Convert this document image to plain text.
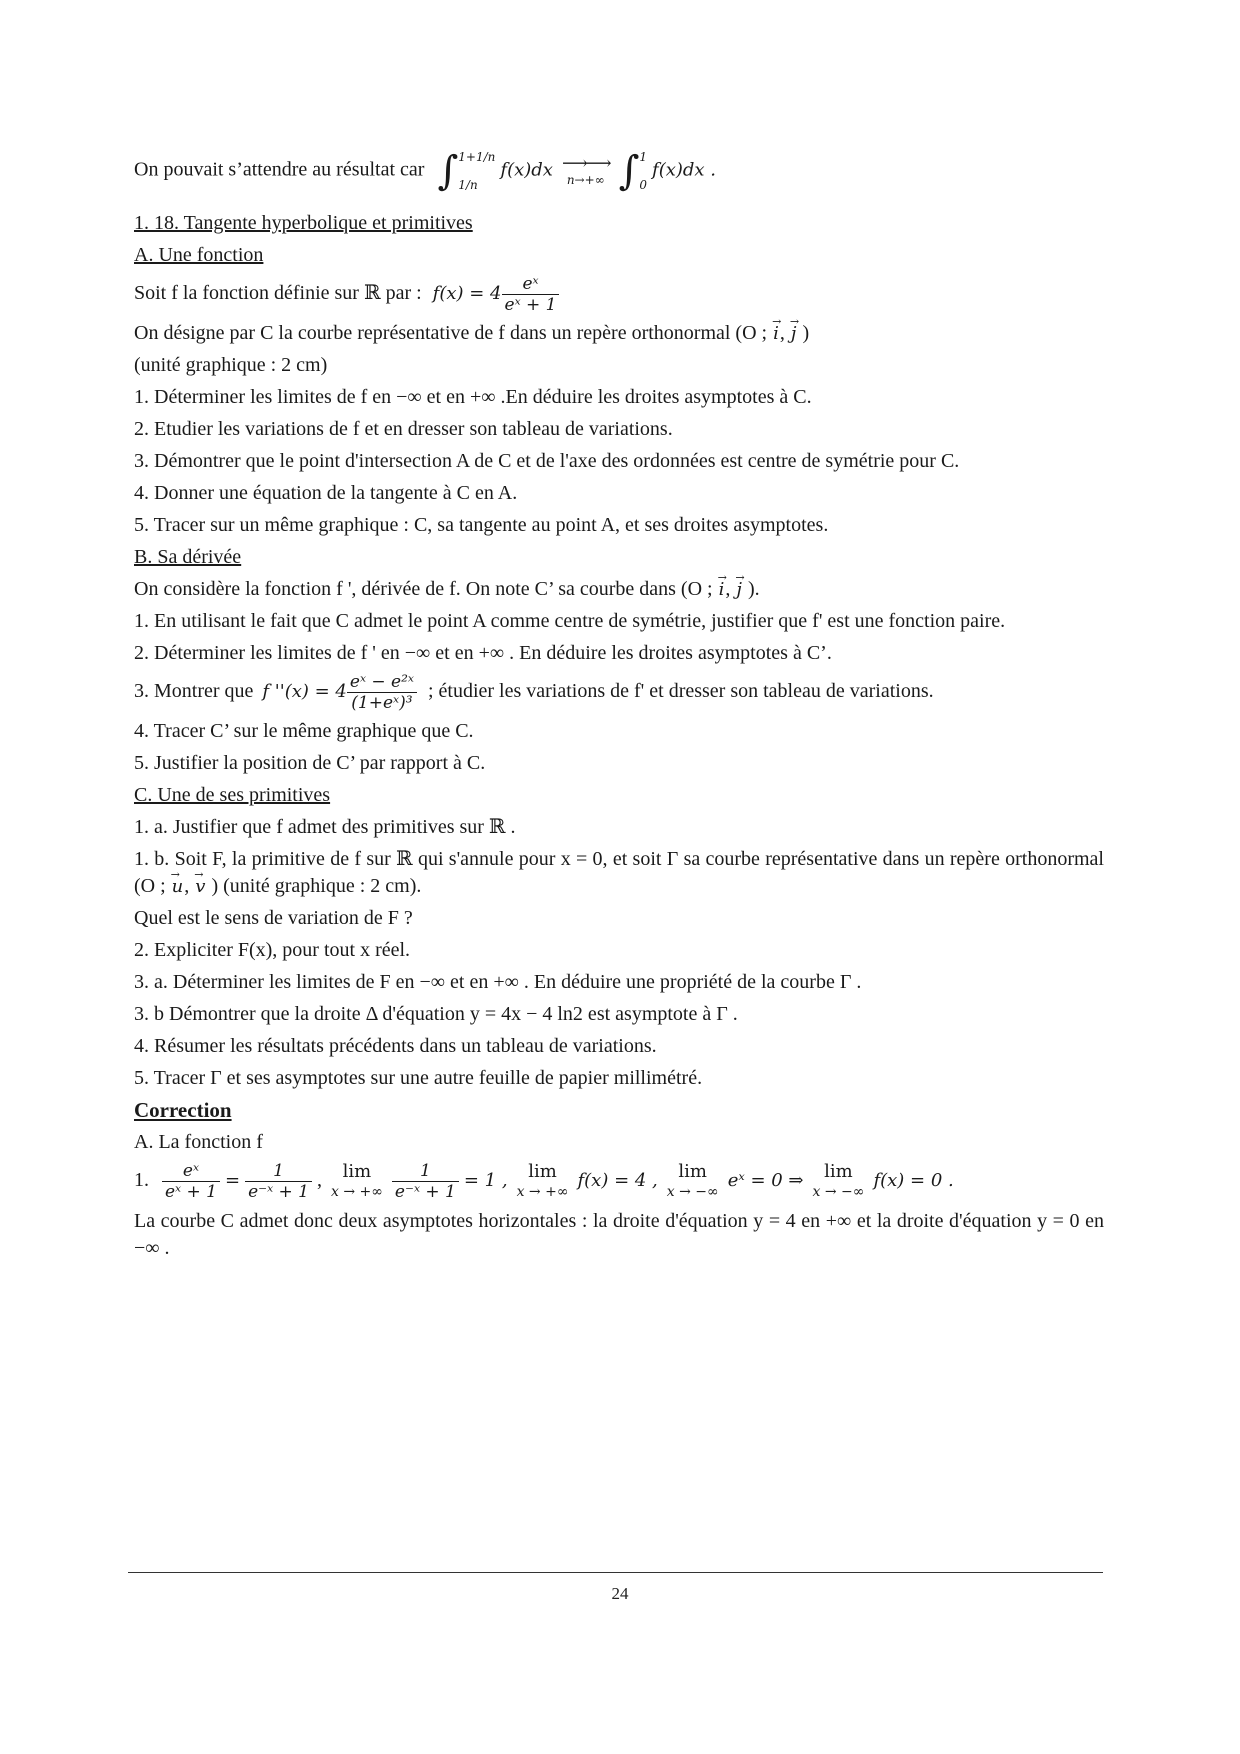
On pouvait s’attendre au résultat car ∫ 1+1/n

1/n
f(x)dx ⟶⟶
n→+∞ ∫ 1

0
f(x)dx .
1. 18. Tangente hyperbolique et primitives
A. Une fonction
Soit f la fonction définie sur ℝ par : $f(x) = 4 \frac{\text{eˣ}}{\text{eˣ + 1}}$
On désigne par C la courbe représentative de f dans un repère orthonormal (O ; → i, → j )
(unité graphique : 2 cm)
1. Déterminer les limites de f en −∞ et en +∞ .En déduire les droites asymptotes à C.
2. Etudier les variations de f et en dresser son tableau de variations.
3. Démontrer que le point d'intersection A de C et de l'axe des ordonnées est centre de symétrie pour C.
4. Donner une équation de la tangente à C en A.
5. Tracer sur un même graphique : C, sa tangente au point A, et ses droites asymptotes.
B. Sa dérivée
On considère la fonction f ', dérivée de f. On note C’ sa courbe dans (O ; → i, → j ).
1. En utilisant le fait que C admet le point A comme centre de symétrie, justifier que f' est une fonction paire.
2. Déterminer les limites de f ' en −∞ et en +∞ . En déduire les droites asymptotes à C’.
3. Montrer que f ''$(x) = 4 \frac{\text{eˣ − e²ˣ}}{\text{(1+eˣ)³}}$ ; étudier les variations de f' et dresser son tableau de variations.
4. Tracer C’ sur le même graphique que C.
5. Justifier la position de C’ par rapport à C.
C. Une de ses primitives
1. a. Justifier que f admet des primitives sur ℝ .
1. b. Soit F, la primitive de f sur ℝ qui s'annule pour x = 0, et soit Γ sa courbe représentative dans un repère orthonormal (O ; → u, → v ) (unité graphique : 2 cm).
Quel est le sens de variation de F ?
2. Expliciter F(x), pour tout x réel.
3. a. Déterminer les limites de F en −∞ et en +∞ . En déduire une propriété de la courbe Γ .
3. b Démontrer que la droite Δ d'équation y = 4x − 4 ln2 est asymptote à Γ .
4. Résumer les résultats précédents dans un tableau de variations.
5. Tracer Γ et ses asymptotes sur une autre feuille de papier millimétré.
Correction
A. La fonction f
1. $\frac{\text{eˣ}}{\text{eˣ + 1}} = \frac{1}{\text{e⁻ˣ + 1}}$ ,	lim
x → +∞
$\frac{1}{\text{e⁻ˣ + 1}} = 1$ ,	lim
x → +∞
f(x) = 4 ,	lim
x → −∞
eˣ = 0 ⇒	lim
x → −∞
f(x) = 0 .
La courbe C admet donc deux asymptotes horizontales : la droite d'équation y = 4 en +∞ et la droite d'équation y = 0 en −∞ .
24
